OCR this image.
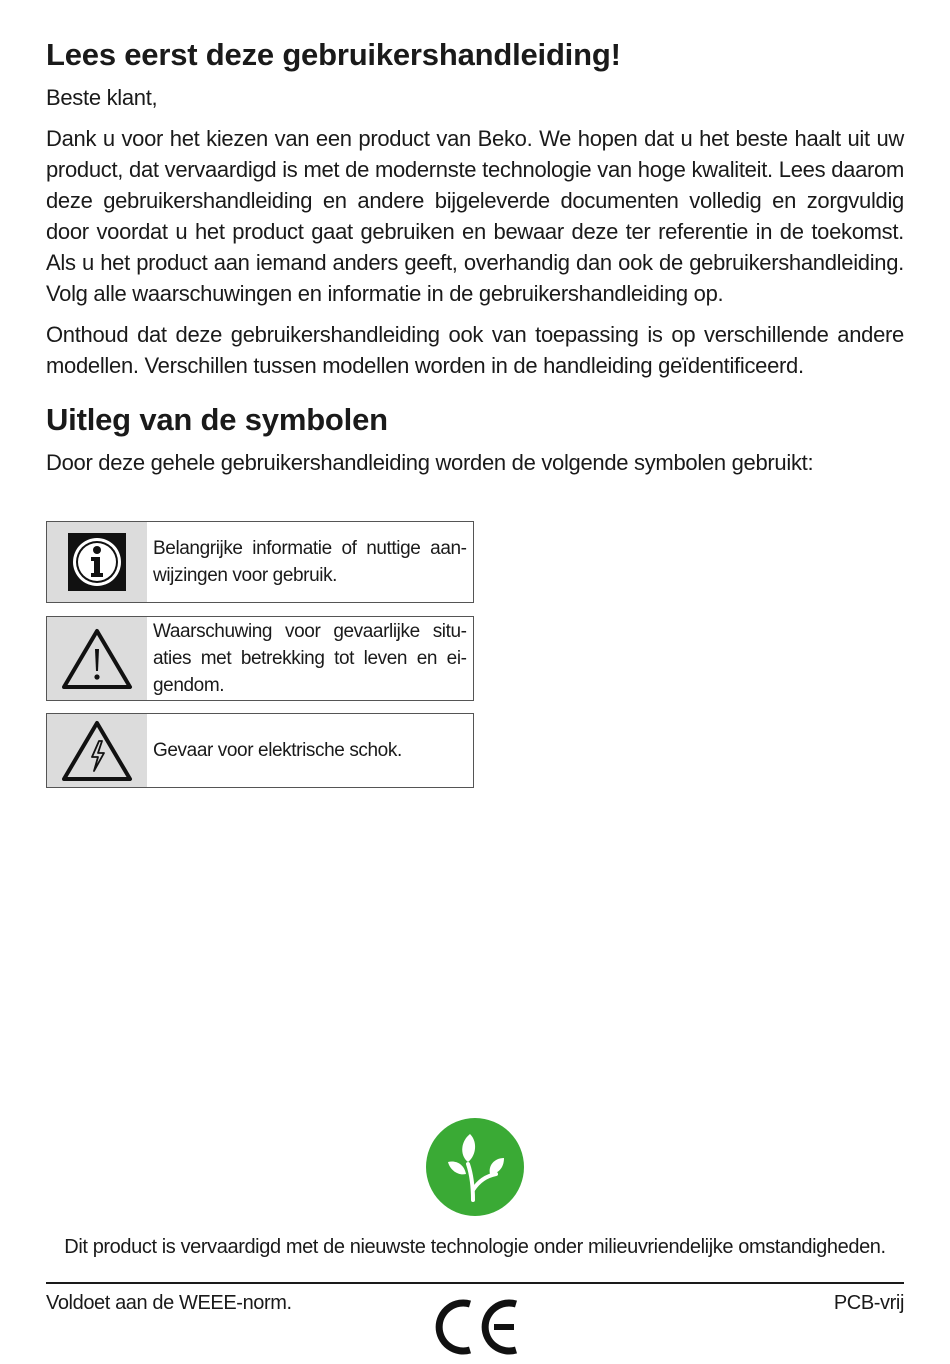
Lees eerst deze gebruikershandleiding!

Beste klant,

Dank u voor het kiezen van een product van Beko. We hopen dat u het beste haalt uit uw product, dat vervaardigd is met de modernste technologie van hoge kwaliteit. Lees daarom deze gebruikershandleiding en andere bijgeleverde documenten volledig en zorgvuldig door voordat u het product gaat gebruiken en bewaar deze ter referentie in de toekomst. Als u het product aan iemand anders geeft, overhandig dan ook de gebruikershandleiding. Volg alle waarschuwingen en informatie in de gebruikershandleiding op.

Onthoud dat deze gebruikershandleiding ook van toepassing is op verschillende andere modellen. Verschillen tussen modellen worden in de handleiding geïdentificeerd.

Uitleg van de symbolen

Door deze gehele gebruikershandleiding worden de volgende symbolen gebruikt:

Belangrijke informatie of nuttige aanwijzingen voor gebruik.
Waarschuwing voor gevaarlijke situaties met betrekking tot leven en eigendom.
Gevaar voor elektrische schok.
Dit product is vervaardigd met de nieuwste technologie onder milieuvriendelijke omstandigheden.
Voldoet aan de WEEE-norm.	PCB-vrij
